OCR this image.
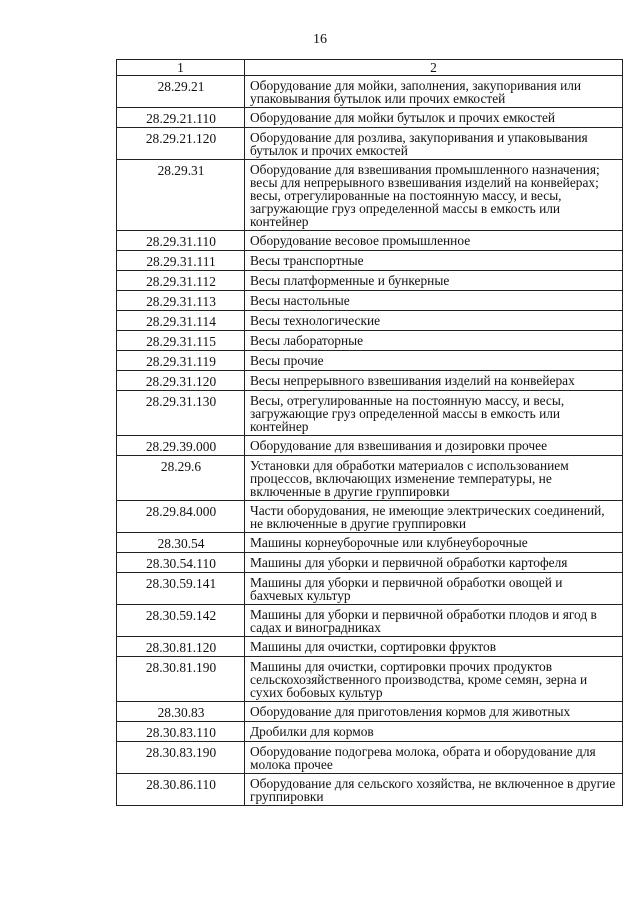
16
1	2
28.29.21	Оборудование для мойки, заполнения, закупоривания или упаковывания бутылок или прочих емкостей
28.29.21.110	Оборудование для мойки бутылок и прочих емкостей
28.29.21.120	Оборудование для розлива, закупоривания и упаковывания бутылок и прочих емкостей
28.29.31	Оборудование для взвешивания промышленного назначения; весы для непрерывного взвешивания изделий на конвейерах; весы, отрегулированные на постоянную массу, и весы, загружающие груз определенной массы в емкость или контейнер
28.29.31.110	Оборудование весовое промышленное
28.29.31.111	Весы транспортные
28.29.31.112	Весы платформенные и бункерные
28.29.31.113	Весы настольные
28.29.31.114	Весы технологические
28.29.31.115	Весы лабораторные
28.29.31.119	Весы прочие
28.29.31.120	Весы непрерывного взвешивания изделий на конвейерах
28.29.31.130	Весы, отрегулированные на постоянную массу, и весы, загружающие груз определенной массы в емкость или контейнер
28.29.39.000	Оборудование для взвешивания и дозировки прочее
28.29.6	Установки для обработки материалов с использованием процессов, включающих изменение температуры, не включенные в другие группировки
28.29.84.000	Части оборудования, не имеющие электрических соединений, не включенные в другие группировки
28.30.54	Машины корнеуборочные или клубнеуборочные
28.30.54.110	Машины для уборки и первичной обработки картофеля
28.30.59.141	Машины для уборки и первичной обработки овощей и бахчевых культур
28.30.59.142	Машины для уборки и первичной обработки плодов и ягод в садах и виноградниках
28.30.81.120	Машины для очистки, сортировки фруктов
28.30.81.190	Машины для очистки, сортировки прочих продуктов сельскохозяйственного производства, кроме семян, зерна и сухих бобовых культур
28.30.83	Оборудование для приготовления кормов для животных
28.30.83.110	Дробилки для кормов
28.30.83.190	Оборудование подогрева молока, обрата и оборудование для молока прочее
28.30.86.110	Оборудование для сельского хозяйства, не включенное в другие группировки
